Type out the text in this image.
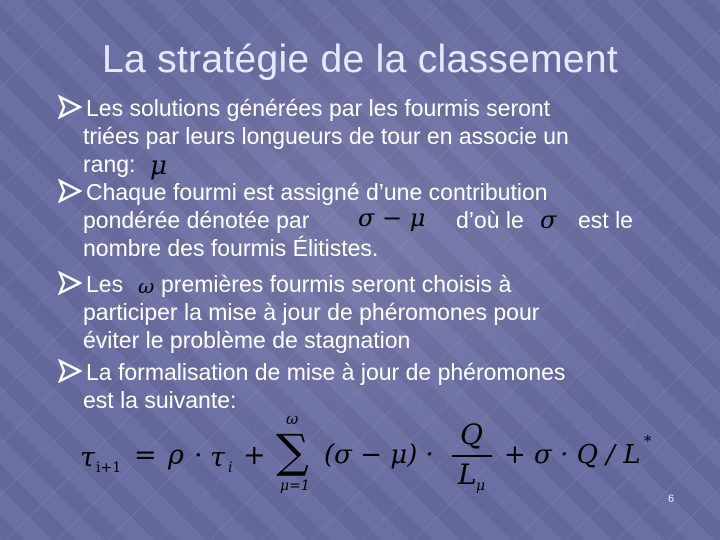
La stratégie de la classement
Les solutions générées par les fourmis seront
triées par leurs longueurs de tour en associe un
rang: μ
Chaque fourmi est assigné d’une contribution
pondérée dénotée par σ − μ d’où le σ est le
nombre des fourmis Élitistes.
Les ω premières fourmis seront choisis à
participer la mise à jour de phéromones pour
éviter le problème de stagnation
La formalisation de mise à jour de phéromones
est la suivante:
τ i+1 = ρ · τ i + ∑
ω
μ=1
(σ − μ) ·
Q
L μ
+ σ · Q / L *
6
